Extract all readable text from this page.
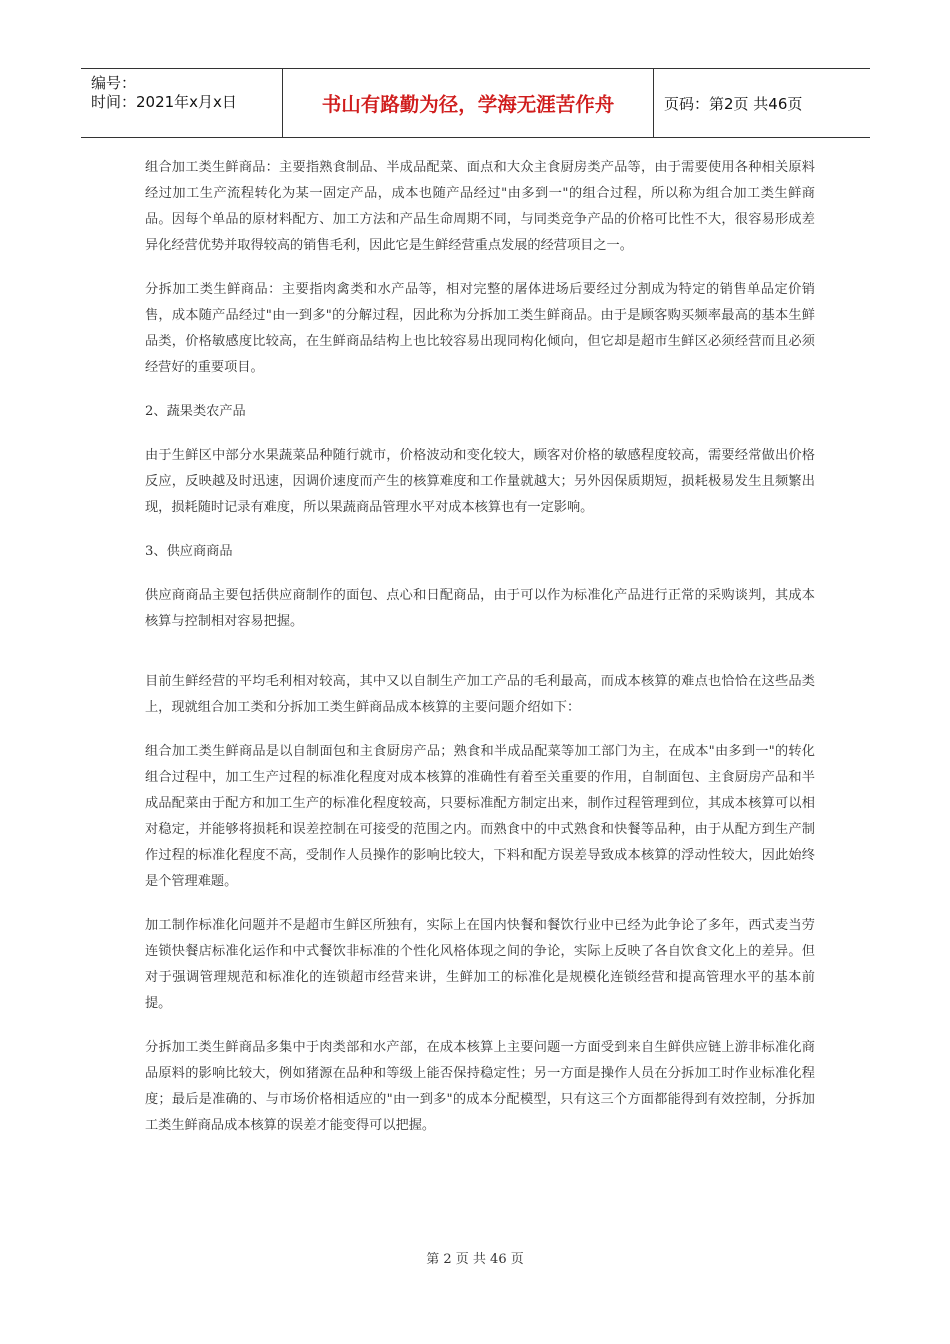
编号：
时间：2021年x月x日	书山有路勤为径，学海无涯苦作舟	页码：第2页 共46页

组合加工类生鲜商品：主要指熟食制品、半成品配菜、面点和大众主食厨房类产品等，由于需要使用各种相关原料经过加工生产流程转化为某一固定产品，成本也随产品经过"由多到一"的组合过程，所以称为组合加工类生鲜商品。因每个单品的原材料配方、加工方法和产品生命周期不同，与同类竞争产品的价格可比性不大，很容易形成差异化经营优势并取得较高的销售毛利，因此它是生鲜经营重点发展的经营项目之一。

分拆加工类生鲜商品：主要指肉禽类和水产品等，相对完整的屠体进场后要经过分割成为特定的销售单品定价销售，成本随产品经过"由一到多"的分解过程，因此称为分拆加工类生鲜商品。由于是顾客购买频率最高的基本生鲜品类，价格敏感度比较高，在生鲜商品结构上也比较容易出现同构化倾向，但它却是超市生鲜区必须经营而且必须经营好的重要项目。

2、蔬果类农产品

由于生鲜区中部分水果蔬菜品种随行就市，价格波动和变化较大，顾客对价格的敏感程度较高，需要经常做出价格反应，反映越及时迅速，因调价速度而产生的核算难度和工作量就越大；另外因保质期短，损耗极易发生且频繁出现，损耗随时记录有难度，所以果蔬商品管理水平对成本核算也有一定影响。

3、供应商商品

供应商商品主要包括供应商制作的面包、点心和日配商品，由于可以作为标准化产品进行正常的采购谈判，其成本核算与控制相对容易把握。

目前生鲜经营的平均毛利相对较高，其中又以自制生产加工产品的毛利最高，而成本核算的难点也恰恰在这些品类上，现就组合加工类和分拆加工类生鲜商品成本核算的主要问题介绍如下：

组合加工类生鲜商品是以自制面包和主食厨房产品；熟食和半成品配菜等加工部门为主，在成本"由多到一"的转化组合过程中，加工生产过程的标准化程度对成本核算的准确性有着至关重要的作用，自制面包、主食厨房产品和半成品配菜由于配方和加工生产的标准化程度较高，只要标准配方制定出来，制作过程管理到位，其成本核算可以相对稳定，并能够将损耗和误差控制在可接受的范围之内。而熟食中的中式熟食和快餐等品种，由于从配方到生产制作过程的标准化程度不高，受制作人员操作的影响比较大，下料和配方误差导致成本核算的浮动性较大，因此始终是个管理难题。

加工制作标准化问题并不是超市生鲜区所独有，实际上在国内快餐和餐饮行业中已经为此争论了多年，西式麦当劳连锁快餐店标准化运作和中式餐饮非标准的个性化风格体现之间的争论，实际上反映了各自饮食文化上的差异。但对于强调管理规范和标准化的连锁超市经营来讲，生鲜加工的标准化是规模化连锁经营和提高管理水平的基本前提。

分拆加工类生鲜商品多集中于肉类部和水产部，在成本核算上主要问题一方面受到来自生鲜供应链上游非标准化商品原料的影响比较大，例如猪源在品种和等级上能否保持稳定性；另一方面是操作人员在分拆加工时作业标准化程度；最后是准确的、与市场价格相适应的"由一到多"的成本分配模型，只有这三个方面都能得到有效控制，分拆加工类生鲜商品成本核算的误差才能变得可以把握。

第 2 页 共 46 页
